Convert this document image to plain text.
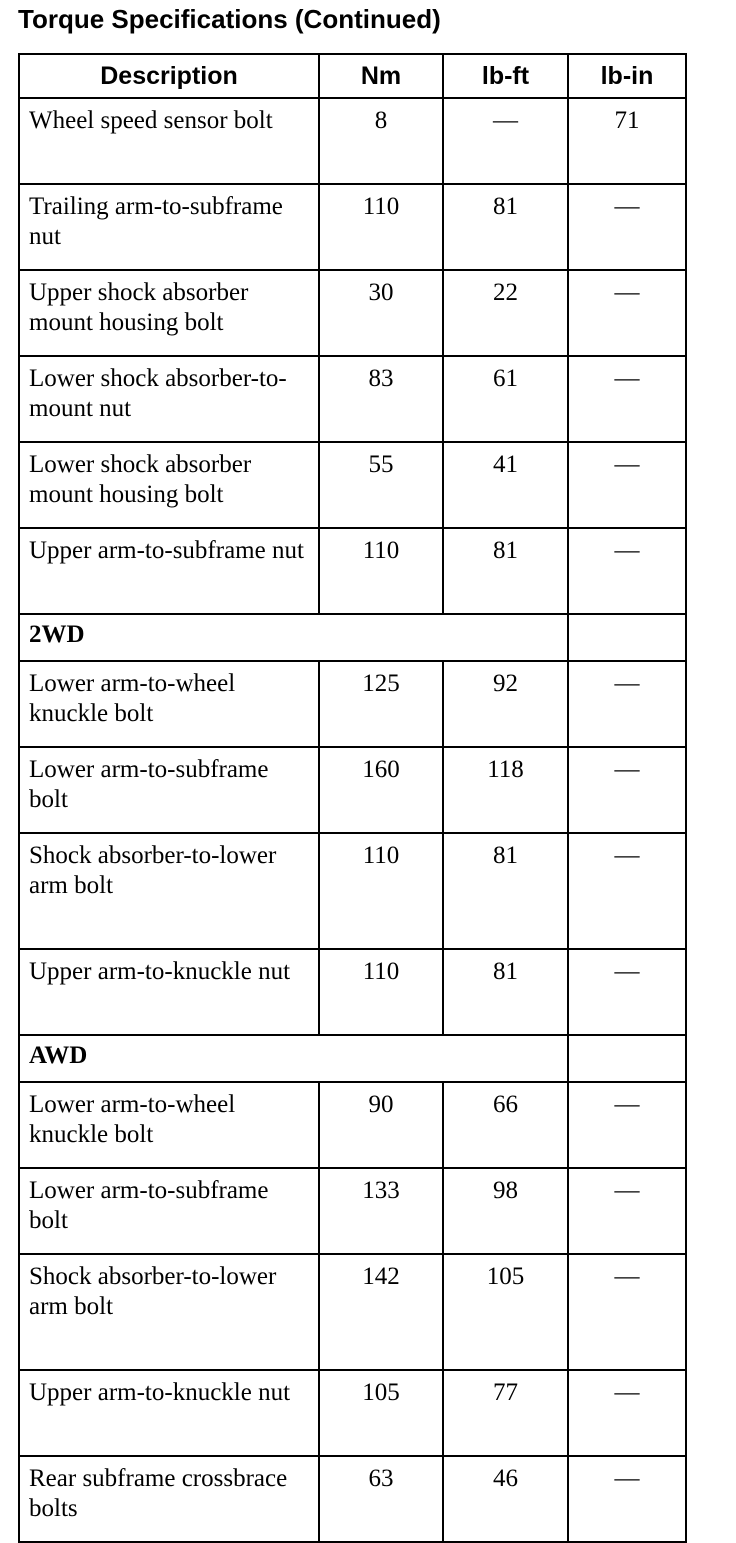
Torque Specifications (Continued)
Description	Nm	lb-ft	lb-in
Wheel speed sensor bolt	8	—	71
Trailing arm-to-subframe nut	110	81	—
Upper shock absorber mount housing bolt	30	22	—
Lower shock absorber-to-mount nut	83	61	—
Lower shock absorber mount housing bolt	55	41	—
Upper arm-to-subframe nut	110	81	—
2WD			
Lower arm-to-wheel knuckle bolt	125	92	—
Lower arm-to-subframe bolt	160	118	—
Shock absorber-to-lower arm bolt	110	81	—
Upper arm-to-knuckle nut	110	81	—
AWD			
Lower arm-to-wheel knuckle bolt	90	66	—
Lower arm-to-subframe bolt	133	98	—
Shock absorber-to-lower arm bolt	142	105	—
Upper arm-to-knuckle nut	105	77	—
Rear subframe crossbrace bolts	63	46	—
